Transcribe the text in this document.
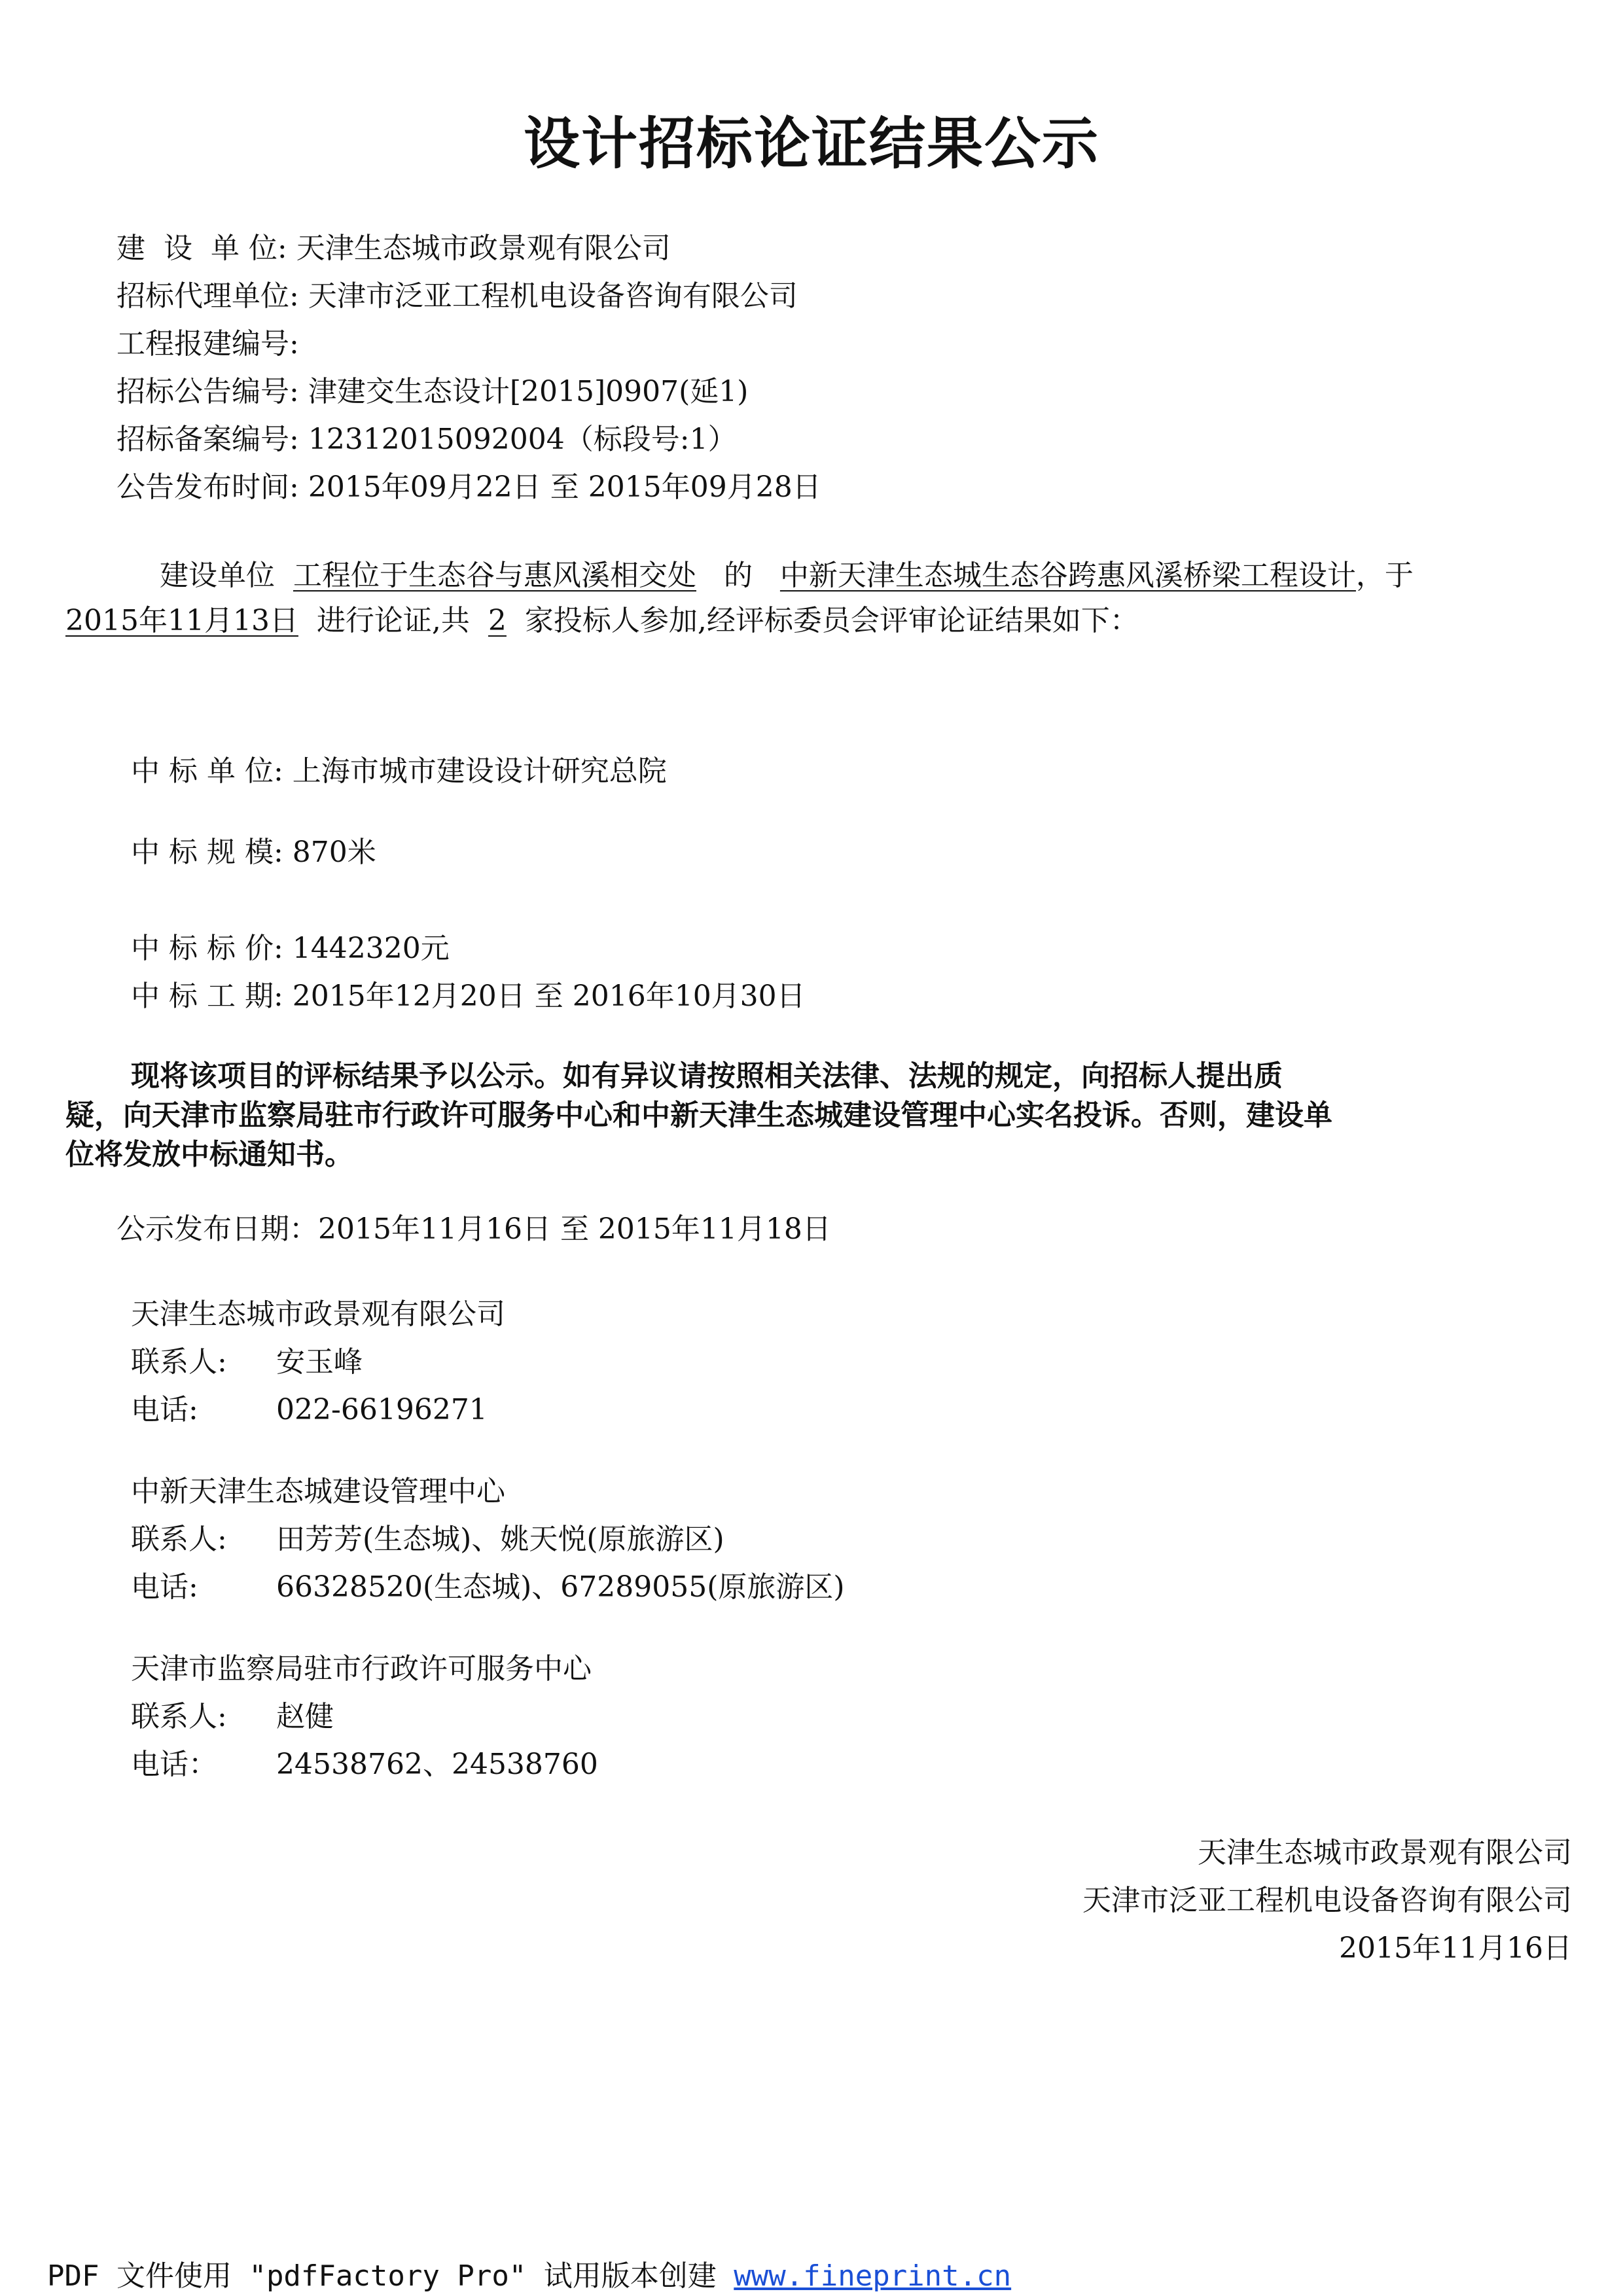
设计招标论证结果公示
建  设  单 位: 天津生态城市政景观有限公司
招标代理单位: 天津市泛亚工程机电设备咨询有限公司
工程报建编号:
招标公告编号: 津建交生态设计[2015]0907(延1)
招标备案编号: 12312015092004（标段号:1）
公告发布时间: 2015年09月22日 至 2015年09月28日
建设单位 工程位于生态谷与惠风溪相交处 的 中新天津生态城生态谷跨惠风溪桥梁工程设计，于
2015年11月13日 进行论证,共 2 家投标人参加,经评标委员会评审论证结果如下：
中 标 单 位: 上海市城市建设设计研究总院
中 标 规 模: 870米
中 标 标 价: 1442320元
中 标 工 期: 2015年12月20日 至 2016年10月30日
现将该项目的评标结果予以公示。如有异议请按照相关法律、法规的规定，向招标人提出质
疑，向天津市监察局驻市行政许可服务中心和中新天津生态城建设管理中心实名投诉。否则，建设单
位将发放中标通知书。
公示发布日期：2015年11月16日 至 2015年11月18日
天津生态城市政景观有限公司
联系人: 安玉峰
电话:	022-66196271
中新天津生态城建设管理中心
联系人: 田芳芳(生态城)、姚天悦(原旅游区)
电话:	66328520(生态城)、67289055(原旅游区)
天津市监察局驻市行政许可服务中心
联系人: 赵健
电话： 24538762、24538760
天津生态城市政景观有限公司
天津市泛亚工程机电设备咨询有限公司
2015年11月16日
PDF 文件使用 "pdfFactory Pro" 试用版本创建 www.fineprint.cn
